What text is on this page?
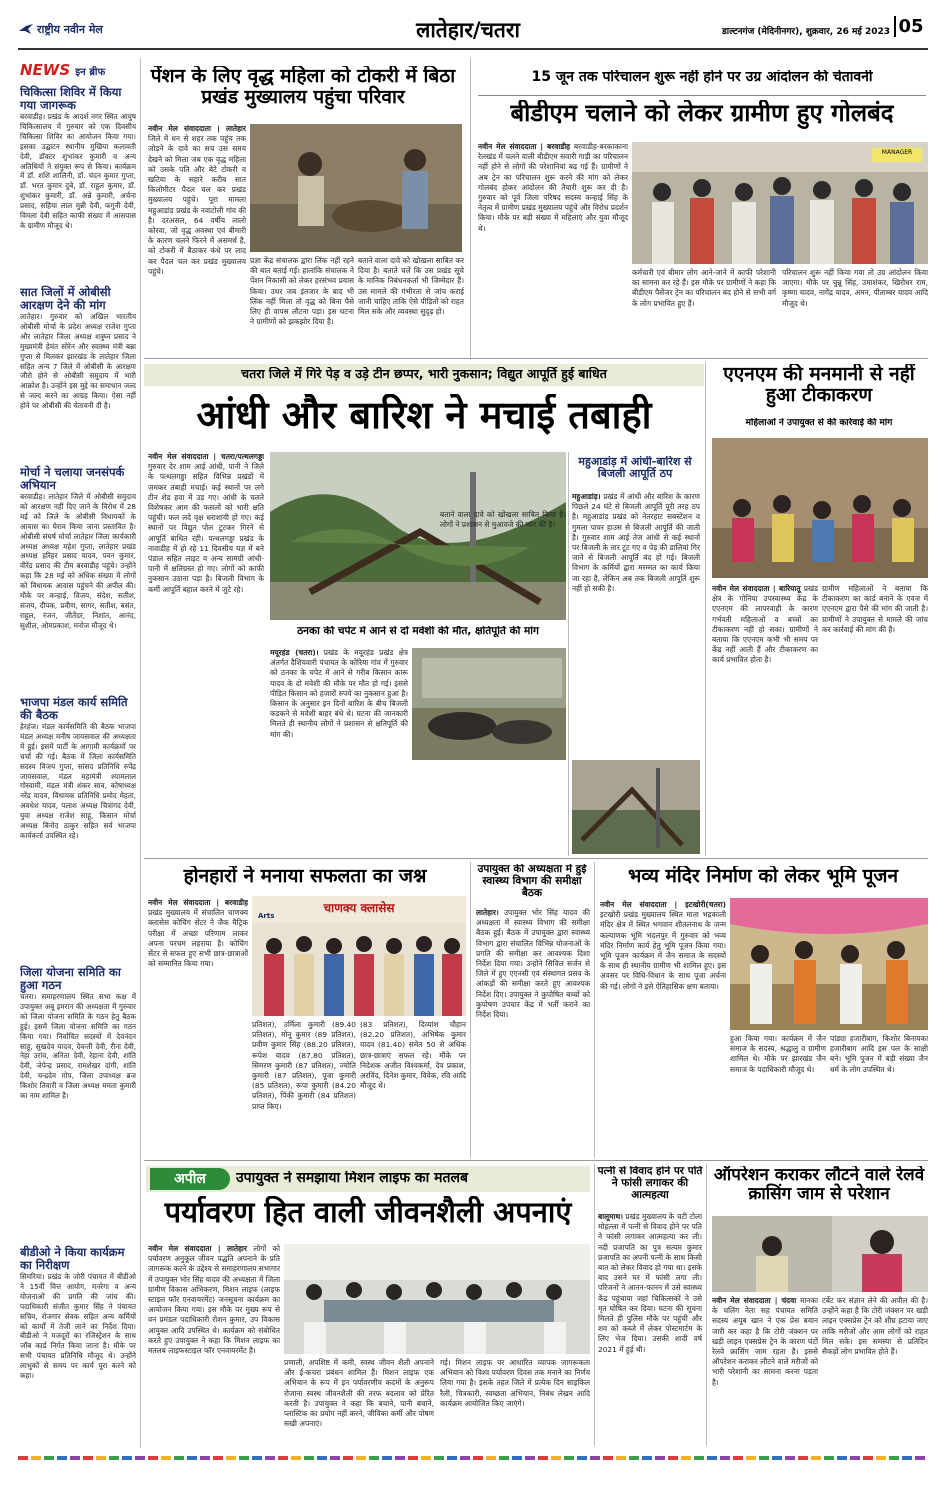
राष्ट्रीय नवीन मेल	लातेहार/चतरा	डाल्टनगंज (मेदिनीनगर), शुक्रवार, 26 मई 2023 05
NEWS इन ब्रीफ
चिकित्सा शिविर में किया गया जागरूक
बरवाडीह। प्रखंड के आदर्श नगर स्थित आयुष चिकित्सालय में गुरुवार को एक दिवसीय चिकित्सा शिविर का आयोजन किया गया। इसका उद्घाटन स्थानीय मुखिया कलावती देवी, डॉक्टर शुभांकर कुमारी व अन्य अतिथियों ने संयुक्त रूप से किया। कार्यक्रम में डॉ. शशि शालिनी, डॉ. चंदन कुमार गुप्ता, डॉ. भरत कुमार दुबे, डॉ. राहुल कुमार, डॉ. शुभांकर कुमारी, डॉ. अन्ने कुमारी, अर्चना प्रसाद, सहिया लाल मुन्नी देवी, फगुनी देवी, विमला देवी सहित काफी संख्या में आसपास के ग्रामीण मौजूद थे।
सात जिलों में ओबीसी आरक्षण देने की मांग
लातेहार। गुरुवार को अखिल भारतीय ओबीसी मोर्चा के प्रदेश अध्यक्ष राजेश गुप्ता और लातेहार जिला अध्यक्ष शत्रुघ्न प्रसाद ने मुख्यमंत्री हेमंत सोरेन और स्वास्थ्य मंत्री बन्ना गुप्ता से मिलकर झारखंड के लातेहार जिला सहित अन्य 7 जिले में ओबीसी के आरक्षण जीरो होने से ओबीसी समुदाय में भारी आक्रोश है। उन्होंने इस मुद्दे का समाधान जल्द से जल्द करने का आग्रह किया। ऐसा नहीं होने पर ओबीसी की चेतावनी दी है।
मोर्चा ने चलाया जनसंपर्क अभियान
बरवाडीह। लातेहार जिले में ओबीसी समुदाय को आरक्षण नहीं दिए जाने के विरोध में 28 मई को जिले के ओबीसी विधायकों के आवास का घेराव किया जाना प्रस्तावित है। ओबीसी संघर्ष मोर्चा लातेहार जिला कार्यकारी अध्यक्ष अध्यक्ष महेश गुप्ता, लातेहार प्रखंड अध्यक्ष हरिहर प्रसाद यादव, पवन कुमार, वीरेंद्र प्रसाद की टीम बरवाडीह पहुंचे। उन्होंने कहा कि 28 मई को अधिक संख्या में लोगों को विधायक आवास पहुंचने की अपील की। मौके पर कन्हाई, विजय, संदेश, सतीश, संजय, दीपक, प्रवीण, सागर, सतीश, बसंत, राहुल, रंजन, जीतेंदर, निशांत, आनंद, सुशील, ओमप्रकाश, मनोज मौजूद थे।
भाजपा मंडल कार्य समिति की बैठक
हेरहंज। मंडल कार्यसमिति की बैठक भाजपा मंडल अध्यक्ष मनीष जायसवाल की अध्यक्षता में हुई। इसमें पार्टी के आगामी कार्यक्रमों पर चर्चा की गई। बैठक में जिला कार्यसमिति सदस्य विजय गुप्ता, सांसद प्रतिनिधि रुपेंद्र जायसवाल, मंडल महामंत्री श्यामलाल गोस्वामी, मंडल मंत्री शंकर साव, कोषाध्यक्ष नरेंद्र यादव, विधायक प्रतिनिधि प्रमोद मेहता, अवधेश यादव, पलाश अध्यक्ष चित्रांगद देवी, युवा अध्यक्ष राजेश साहू, किसान मोर्चा अध्यक्ष बिनोद ठाकुर सहित सर्व भाजपा कार्यकर्ता उपस्थित रहे।
जिला योजना समिति का हुआ गठन
चतरा। समाहरणालय स्थित सभा कक्ष में उपायुक्त अबू इमरान की अध्यक्षता में गुरुवार को जिला योजना समिति के गठन हेतु बैठक हुई। इसमें जिला योजना समिति का गठन किया गया। निर्वाचित सदस्यों में देवनंदन साहू, सुखदेव यादव, देवन्ती देवी, रीना देवी, नेहा उरांव, अनिता देवी, रेहाना देवी, शांति देवी, जेपेन्द्र प्रसाद, रामशेखर दांगी, शांति देवी, चन्द्रदेव गोप, जिला उपाध्यक्ष ब्रज किशोर तिवारी व जिला अध्यक्ष ममता कुमारी का नाम शामिल है।
बीडीओ ने किया कार्यक्रम का निरीक्षण
सिमरिया। प्रखंड के जोरी पंचायत में बीडीओ ने 15वीं वित्त आयोग, मनरेगा व अन्य योजनाओं की प्रगति की जांच की। पदाधिकारी संजीत कुमार सिंह ने पंचायत सचिव, रोजगार सेवक सहित अन्य कर्मियों को कार्यों में तेजी लाने का निर्देश दिया। बीडीओ ने मजदूरों का रजिस्ट्रेशन के साथ जॉब कार्ड निर्गत किया जाना है। मौके पर सभी पंचायत प्रतिनिधि मौजूद थे। उन्होंने लाभुकों से समय पर कार्य पूरा करने को कहा।
पेंशन के लिए वृद्ध महिला को टोकरी में बिठा प्रखंड मुख्यालय पहुंचा परिवार
नवीन मेल संवाददाता | लातेहार जिले में धन से शहर तक पहुंच तक जोड़ने के दावे का सच उस समय देखने को मिला जब एक वृद्ध महिला को उसके पति और बेटे टोकरी व खटिया के सहारे करीब सात किलोमीटर पैदल चल कर प्रखंड मुख्यालय पहुंचे। पूरा मामला महुआडांड़ प्रखंड के नवाटोली गांव की है। दरअसल, 64 वर्षीय लालो कोरवा, जो वृद्ध अवस्था एवं बीमारी के कारण चलने फिरने में असमर्थ है, को टोकरी में बैठाकर कंधे पर लाद कर पैदल चल कर प्रखंड मुख्यालय पहुंचे।
प्रज्ञा केंद्र संचालक द्वारा लिंक नहीं रहने की बात बताई गई। हालांकि संचालक ने पेंशन निकासी को लेकर हरसंभव प्रयास किया। उधर जब इंतजार के बाद भी लिंक नहीं मिला तो वृद्ध को बिना पैसे लिए ही वापस लौटना पड़ा। इस घटना ने ग्रामीणों को झकझोर दिया है।
बताने वाला दावे को खोखला साबित कर दिया है। बताते चलें कि उस प्रखंड सूचे के मानिक निबंधनकर्ता भी जिम्मेदार हैं। उस मामले की गंभीरता से जांच कराई जानी चाहिए ताकि ऐसे पीड़ितों को राहत मिल सके और व्यवस्था सुदृढ़ हो।
15 जून तक परिचालन शुरू नहीं होने पर उग्र आंदोलन की चेतावनी
बीडीएम चलाने को लेकर ग्रामीण हुए गोलबंद
नवीन मेल संवाददाता | बरवाडीह बरवाडीह-बरकाकाना रेलखंड में चलने वाली बीडीएम सवारी गाड़ी का परिचालन नहीं होने से लोगों की परेशानियां बढ़ गई हैं। ग्रामीणों ने अब ट्रेन का परिचालन शुरू करने की मांग को लेकर गोलबंद होकर आंदोलन की तैयारी शुरू कर दी है। गुरुवार को पूर्व जिला परिषद सदस्य कन्हाई सिंह के नेतृत्व में ग्रामीण प्रखंड मुख्यालय पहुंचे और विरोध प्रदर्शन किया। मौके पर बड़ी संख्या में महिलाएं और युवा मौजूद थे।
MANAGER
कर्मचारी एवं बीमार लोग आने-जाने में काफी परेशानी का सामना कर रहे हैं। इस मौके पर ग्रामीणों ने कहा कि बीडीएम पैसेंजर ट्रेन का परिचालन बंद होने से सभी वर्ग के लोग प्रभावित हुए हैं।
परिचालन शुरू नहीं किया गया तो उग्र आंदोलन किया जाएगा। मौके पर चुन्नू सिंह, उमाशंकर, खिरोधर राम, कृष्णा यादव, नागेंद्र यादव, अमन, पीताम्बर यादव आदि मौजूद थे।
चतरा जिले में गिरे पेड़ व उड़े टीन छप्पर, भारी नुकसान; विद्युत आपूर्ति हुई बाधित
आंधी और बारिश ने मचाई तबाही
नवीन मेल संवाददाता | चतरा/पत्थलगड्डा गुरुवार देर शाम आई आंधी, पानी ने जिले के पत्थलगड्डा सहित विभिन्न प्रखंडों में जमकर तबाही मचाई। कई स्थानों पर लगे टीन शेड हवा में उड़ गए। आंधी के चलते विशेषकर आम की फसलों को भारी क्षति पहुंची। फल लदे वृक्ष धराशायी हो गए। कई स्थानों पर विद्युत पोल टूटकर गिरने से आपूर्ति बाधित रही। पत्थलगड्डा प्रखंड के नावाडीह में हो रहे 11 दिवसीय यज्ञ में बने पंडाल सहित लाइट व अन्य सामग्री आंधी-पानी में क्षतिग्रस्त हो गए। लोगों को काफी नुकसान उठाना पड़ा है। बिजली विभाग के कर्मी आपूर्ति बहाल करने में जुटे रहे।
बताने वाला दावे को खोखला साबित किया है। लोगों ने प्रशासन से मुआवजे की मांग की है।
ठनका की चपेट में आने से दो मवेशी की मौत, क्षतिपूर्ति की मांग
मयूरहंड (चतरा)। प्रखंड के मयूरहंड प्रखंड क्षेत्र अंतर्गत दैशियवारी पंचायत के कोरिया गांव में गुरुवार को ठनका के चपेट में आने से गरीब किसान कारू यादव के दो मवेशी की मौके पर मौत हो गई। इससे पीड़ित किसान को हजारों रुपये का नुकसान हुआ है। किसान के अनुसार इन दिनों बारिश के बीच बिजली कड़कने से मवेशी बाहर बंधे थे। घटना की जानकारी मिलते ही स्थानीय लोगों ने प्रशासन से क्षतिपूर्ति की मांग की।
महुआडांड़ में आंधी-बारिश से बिजली आपूर्ति ठप
महुआडांड़। प्रखंड में आंधी और बारिश के कारण पिछले 24 घंटे से बिजली आपूर्ति पूरी तरह ठप है। महुआडांड़ प्रखंड को नेतरहाट सबस्टेशन व गुमला पावर हाउस से बिजली आपूर्ति की जाती है। गुरुवार शाम आई तेज आंधी से कई स्थानों पर बिजली के तार टूट गए व पेड़ की डालियां गिर जाने से बिजली आपूर्ति बंद हो गई। बिजली विभाग के कर्मियों द्वारा मरम्मत का कार्य किया जा रहा है, लेकिन अब तक बिजली आपूर्ति शुरू नहीं हो सकी है।
एएनएम की मनमानी से नहीं हुआ टीकाकरण
महिलाओं ने उपायुक्त से की कार्रवाई की मांग
नवीन मेल संवाददाता | बारियातू प्रखंड क्षेत्र के गोनिया उपस्वास्थ्य केंद्र के एएनएम की लापरवाही के कारण गर्भवती महिलाओं व बच्चों का टीकाकरण नहीं हो सका। ग्रामीणों ने बताया कि एएनएम कभी भी समय पर केंद्र नहीं आती हैं और टीकाकरण का कार्य प्रभावित होता है।
ग्रामीण महिलाओं ने बताया कि टीकाकरण का कार्ड बनाने के एवज में एएनएम द्वारा पैसे की मांग की जाती है। ग्रामीणों ने उपायुक्त से मामले की जांच कर कार्रवाई की मांग की है।
होनहारों ने मनाया सफलता का जश्न
नवीन मेल संवाददाता | बरवाडीह प्रखंड मुख्यालय में संचालित चाणक्य क्लासेस कोचिंग सेंटर ने जैक मैट्रिक परीक्षा में अच्छा परिणाम लाकर अपना परचम लहराया है। कोचिंग सेंटर से सफल हुए सभी छात्र-छात्राओं को सम्मानित किया गया।
चाणक्य क्लासेस
Arts
प्रतिशत), उर्मिला कुमारी (89.40 प्रतिशत), मोनू कुमार (89 प्रतिशत), प्रवीण कुमार सिंह (88.20 प्रतिशत), रूपेश यादव (87.80 प्रतिशत), सिमरण कुमारी (87 प्रतिशत), ज्योति कुमारी (87 प्रतिशत), पूजा कुमारी (85 प्रतिशत), रूपा कुमारी (84.20 प्रतिशत), पिंकी कुमारी (84 प्रतिशत) प्राप्त किए।
(83 प्रतिशत), दिव्यांश चौहान (82.20 प्रतिशत), अभिषेक कुमार यादव (81.40) समेत 50 से अधिक छात्र-छात्राएं सफल रहे। मौके पर निदेशक अजीत विश्वकर्मा, देव प्रकाश, अरविंद, दिनेश कुमार, विवेक, रवि आदि मौजूद थे।
उपायुक्त की अध्यक्षता में हुई स्वास्थ्य विभाग की समीक्षा बैठक
लातेहार। उपायुक्त भोर सिंह यादव की अध्यक्षता में स्वास्थ्य विभाग की समीक्षा बैठक हुई। बैठक में उपायुक्त द्वारा स्वास्थ्य विभाग द्वारा संचालित विभिन्न योजनाओं के प्रगति की समीक्षा कर आवश्यक दिशा निर्देश दिया गया। उन्होंने सिविल सर्जन से जिले में हुए एएनसी एवं संस्थागत प्रसव के आंकड़ों की समीक्षा करते हुए आवश्यक निर्देश दिए। उपायुक्त ने कुपोषित बच्चों को कुपोषण उपचार केंद्र में भर्ती कराने का निर्देश दिया।
भव्य मंदिर निर्माण को लेकर भूमि पूजन
नवीन मेल संवाददाता | इटखोरी(चतरा) इटखोरी प्रखंड मुख्यालय स्थित माता भद्रकाली मंदिर क्षेत्र में स्थित भगवान शीतलनाथ के जन्म कल्याणक भूमि भदलपुर में गुरुवार को भव्य मंदिर निर्माण कार्य हेतु भूमि पूजन किया गया। भूमि पूजन कार्यक्रम में जैन समाज के सदस्यों के साथ ही स्थानीय ग्रामीण भी शामिल हुए। इस अवसर पर विधि-विधान के साथ पूजा अर्चना की गई। लोगों ने इसे ऐतिहासिक क्षण बताया।
हुआ किया गया। कार्यक्रम में जैन समाज के सदस्य, श्रद्धालु व ग्रामीण शामिल थे। मौके पर झारखंड जैन समाज के पदाधिकारी मौजूद थे।
पांड्या हजारीबाग, किशोर बिनायका हजारीबाग आदि इस पल के साक्षी बने। भूमि पूजन में बड़ी संख्या जैन धर्म के लोग उपस्थित थे।
अपील	उपायुक्त ने समझाया मिशन लाइफ का मतलब
पर्यावरण हित वाली जीवनशैली अपनाएं
नवीन मेल संवाददाता | लातेहार लोगों को पर्यावरण अनुकूल जीवन पद्धति अपनाने के प्रति जागरूक करने के उद्देश्य से समाहरणालय सभागार में उपायुक्त भोर सिंह यादव की अध्यक्षता में जिला ग्रामीण विकास अभिकरण, मिशन लाइफ (लाइफ स्टाइल फॉर एनवायरमेंट) जनसूचना कार्यक्रम का आयोजन किया गया। इस मौके पर मुख्य रूप से वन प्रमंडल पदाधिकारी रोशन कुमार, उप विकास आयुक्त आदि उपस्थित थे। कार्यक्रम को संबोधित करते हुए उपायुक्त ने कहा कि मिशन लाइफ का मतलब लाइफस्टाइल फॉर एनवायरमेंट है।
प्रणाली, अपशिष्ट में कमी, स्वस्थ जीवन शैली अपनाने और ई-कचरा प्रबंधन शामिल हैं। मिशन लाइफ एक अभियान के रूप में इन पर्यावरणीय कदमों के अनुरूप रोजाना स्वस्थ जीवनशैली की तरफ बदलाव को प्रेरित करती है। उपायुक्त ने कहा कि बचाने, पानी बचाने, प्लास्टिक का प्रयोग नहीं करने, जीविका कर्मी और पोषण सखी अपनाएं।
गई। मिशन लाइफ पर आधारित व्यापक जागरूकता अभियान को विश्व पर्यावरण दिवस तक मनाने का निर्णय लिया गया है। इसके तहत जिले में प्रत्येक दिन साइकिल रैली, चित्रकारी, स्वच्छता अभियान, निबंध लेखन आदि कार्यक्रम आयोजित किए जाएंगे।
पत्नी से विवाद होने पर पति ने फांसी लगाकर की आत्महत्या
बालूमाथ। प्रखंड मुख्यालय के चटी टोला मोहल्ला में पत्नी से विवाद होने पर पति ने फांसी लगाकर आत्महत्या कर ली। नदी प्रजापति का पुत्र सत्यम कुमार प्रजापति का अपनी पत्नी के साथ किसी बात को लेकर विवाद हो गया था। इसके बाद उसने घर में फांसी लगा ली। परिजनों ने आनन-फानन में उसे स्वास्थ्य केंद्र पहुंचाया जहां चिकित्सकों ने उसे मृत घोषित कर दिया। घटना की सूचना मिलते ही पुलिस मौके पर पहुंची और शव को कब्जे में लेकर पोस्टमार्टम के लिए भेज दिया। उसकी शादी वर्ष 2021 में हुई थी।
ऑपरेशन कराकर लौटने वाले रेलवे क्रासिंग जाम से परेशान
नवीन मेल संवाददाता | चंदवा मानका के चलिंग नेता सह पंचायत समिति सदस्य अयूब खान ने एक प्रेस बयान जारी कर कहा है कि टोरी जंक्शन पर खड़ी लाइन एक्सप्रेस ट्रेन के कारण घंटों रेलवे क्रासिंग जाम रहता है। इससे ऑपरेशन कराकर लौटने वाले मरीजों को भारी परेशानी का सामना करना पड़ता है।
टर्बेट कर संज्ञान लेने की अपील की है। उन्होंने कहा है कि टोरी जंक्शन पर खड़ी लाइन एक्सप्रेस ट्रेन को शीघ्र हटाया जाए ताकि मरीजों और आम लोगों को राहत मिल सके। इस समस्या से प्रतिदिन सैकड़ों लोग प्रभावित होते हैं।
